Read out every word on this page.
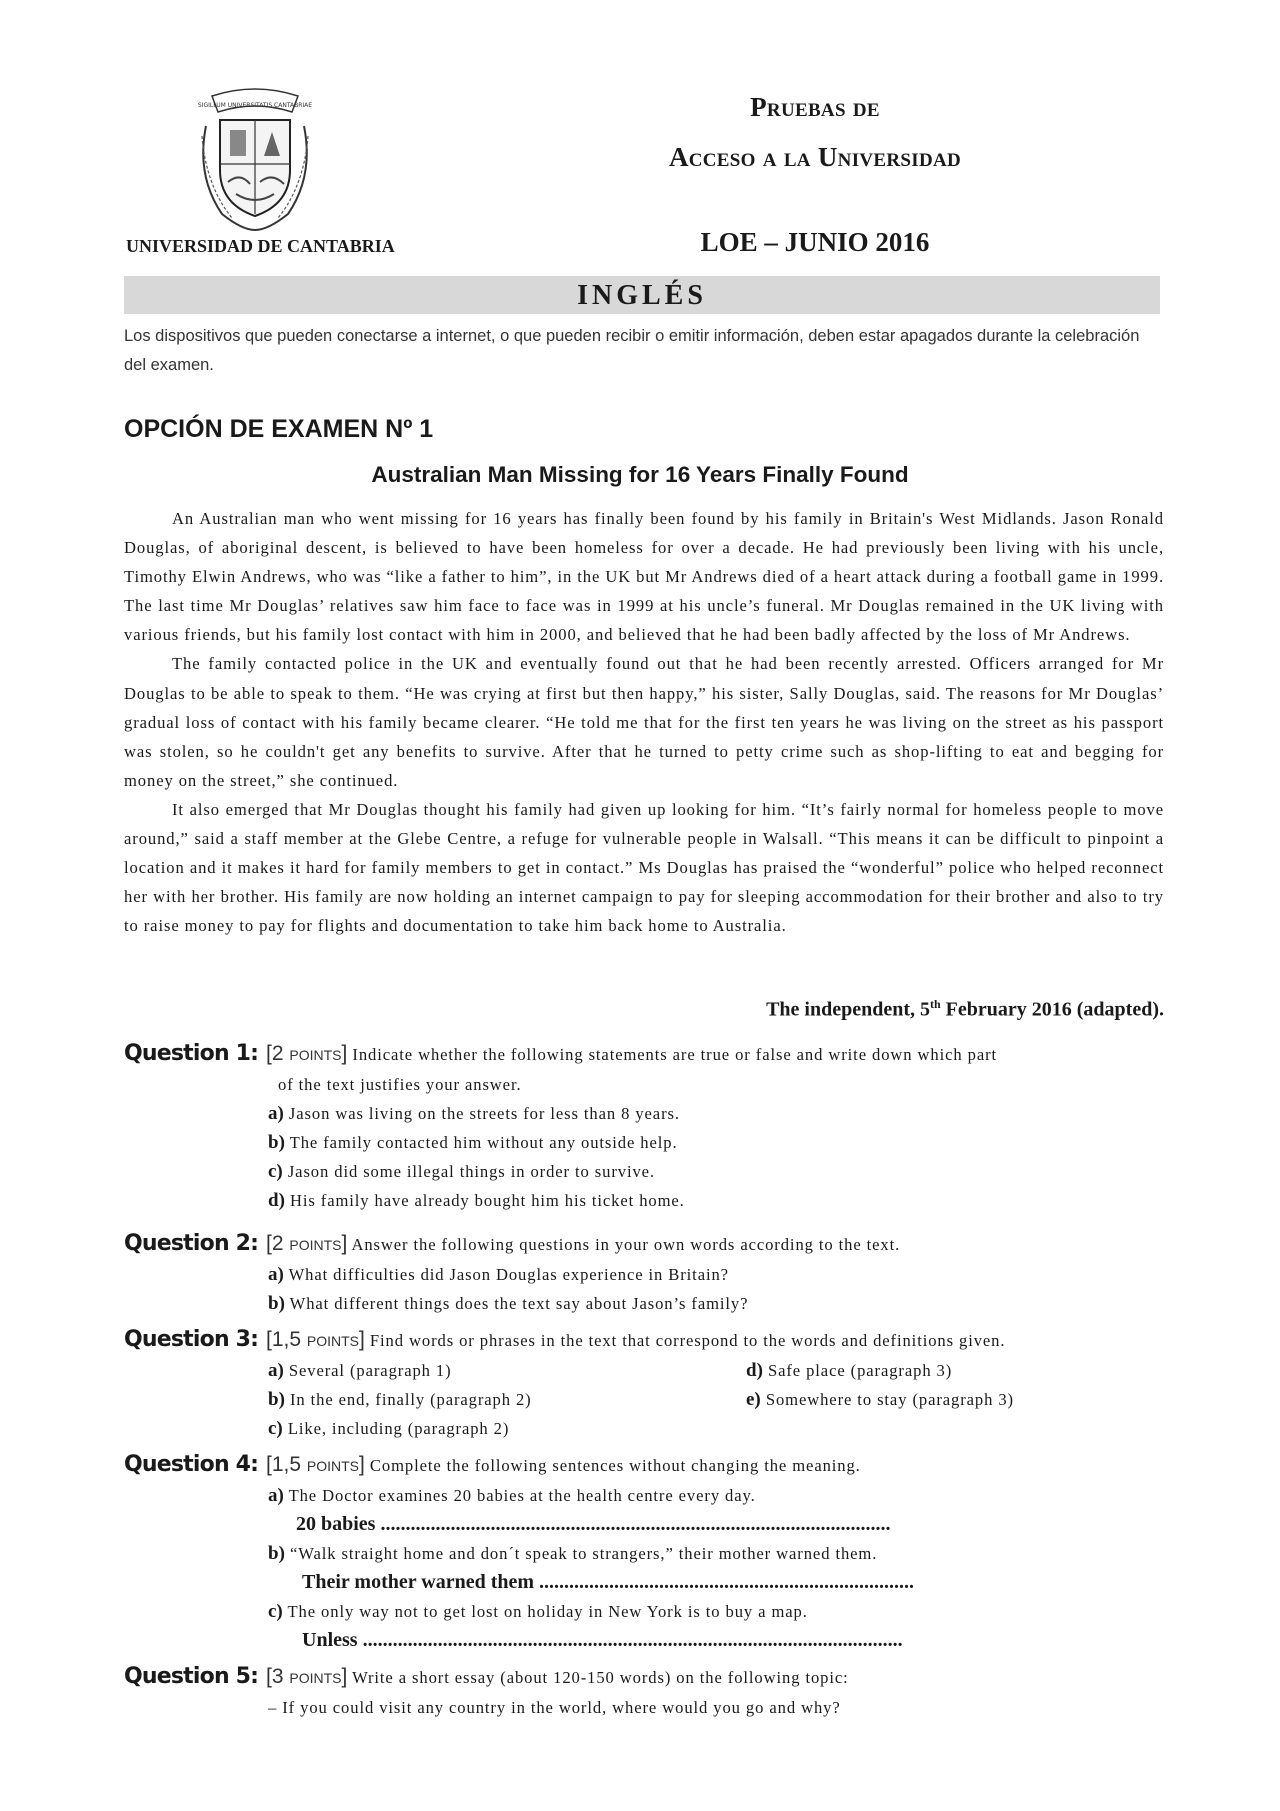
SIGILLUM UNIVERSITATIS CANTABRIAE
UNIVERSIDAD DE CANTABRIA
Pruebas de
Acceso a la Universidad
LOE – JUNIO 2016
INGLÉS
Los dispositivos que pueden conectarse a internet, o que pueden recibir o emitir información, deben estar apagados durante la celebración del examen.
OPCIÓN DE EXAMEN Nº 1
Australian Man Missing for 16 Years Finally Found

An Australian man who went missing for 16 years has finally been found by his family in Britain's West Midlands. Jason Ronald Douglas, of aboriginal descent, is believed to have been homeless for over a decade. He had previously been living with his uncle, Timothy Elwin Andrews, who was “like a father to him”, in the UK but Mr Andrews died of a heart attack during a football game in 1999. The last time Mr Douglas’ relatives saw him face to face was in 1999 at his uncle’s funeral. Mr Douglas remained in the UK living with various friends, but his family lost contact with him in 2000, and believed that he had been badly affected by the loss of Mr Andrews.

The family contacted police in the UK and eventually found out that he had been recently arrested. Officers arranged for Mr Douglas to be able to speak to them. “He was crying at first but then happy,” his sister, Sally Douglas, said. The reasons for Mr Douglas’ gradual loss of contact with his family became clearer. “He told me that for the first ten years he was living on the street as his passport was stolen, so he couldn't get any benefits to survive. After that he turned to petty crime such as shop-lifting to eat and begging for money on the street,” she continued.

It also emerged that Mr Douglas thought his family had given up looking for him. “It’s fairly normal for homeless people to move around,” said a staff member at the Glebe Centre, a refuge for vulnerable people in Walsall. “This means it can be difficult to pinpoint a location and it makes it hard for family members to get in contact.” Ms Douglas has praised the “wonderful” police who helped reconnect her with her brother. His family are now holding an internet campaign to pay for sleeping accommodation for their brother and also to try to raise money to pay for flights and documentation to take him back home to Australia.

The independent, 5th February 2016 (adapted).
Question 1: [2 POINTS] Indicate whether the following statements are true or false and write down which part
of the text justifies your answer.
a) Jason was living on the streets for less than 8 years.
b) The family contacted him without any outside help.
c) Jason did some illegal things in order to survive.
d) His family have already bought him his ticket home.
Question 2: [2 POINTS] Answer the following questions in your own words according to the text.
a) What difficulties did Jason Douglas experience in Britain?
b) What different things does the text say about Jason’s family?
Question 3: [1,5 POINTS] Find words or phrases in the text that correspond to the words and definitions given.
a) Several (paragraph 1)
b) In the end, finally (paragraph 2)
c) Like, including (paragraph 2)
d) Safe place (paragraph 3)
e) Somewhere to stay (paragraph 3)
Question 4: [1,5 POINTS] Complete the following sentences without changing the meaning.
a) The Doctor examines 20 babies at the health centre every day.
20 babies ......................................................................................................
b) “Walk straight home and don´t speak to strangers,” their mother warned them.
Their mother warned them ...........................................................................
c) The only way not to get lost on holiday in New York is to buy a map.
Unless ............................................................................................................
Question 5: [3 POINTS] Write a short essay (about 120-150 words) on the following topic:
– If you could visit any country in the world, where would you go and why?
